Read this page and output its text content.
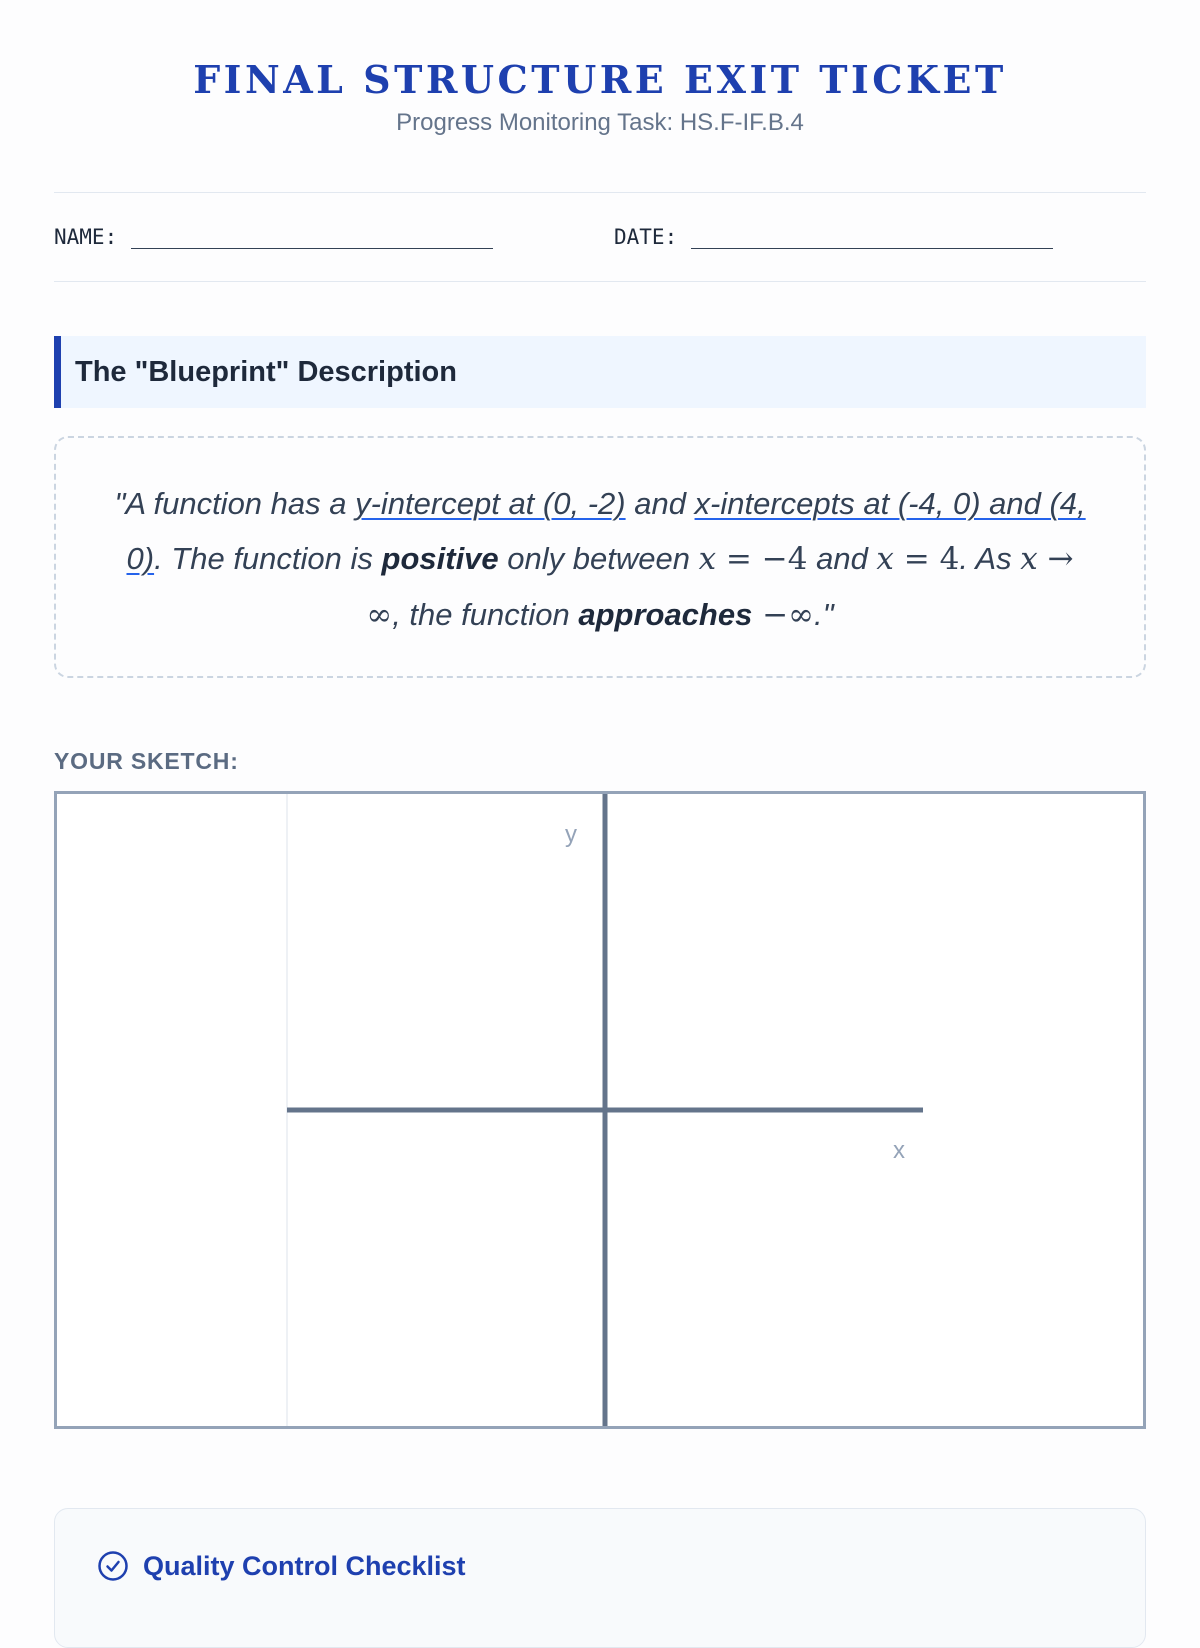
FINAL STRUCTURE EXIT TICKET
Progress Monitoring Task: HS.F-IF.B.4
NAME:	DATE:
The "Blueprint" Description
"A function has a y-intercept at (0, -2) and x-intercepts at (-4, 0) and (4, 0). The function is positive only between x = −4 and x = 4. As x → ∞, the function approaches −∞."
YOUR SKETCH:
y
x
Quality Control Checklist
